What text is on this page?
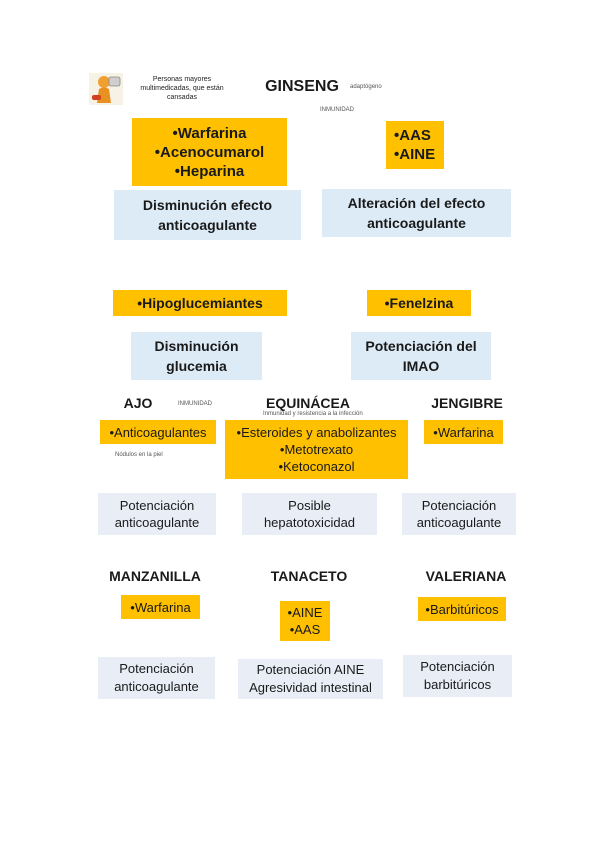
Personas mayores
multimedicadas, que están
cansadas
GINSENG	adaptógeno
INMUNIDAD
•Warfarina
•Acenocumarol
•Heparina
•AAS
•AINE
Disminución efecto
anticoagulante
Alteración del efecto
anticoagulante
•Hipoglucemiantes	•Fenelzina
Disminución
glucemia
Potenciación del
IMAO
AJO	INMUNIDAD	EQUINÁCEA
Inmunidad y resistencia a la infección
JENGIBRE
•Anticoagulantes
Nódulos en la piel
•Esteroides y anabolizantes
•Metotrexato
•Ketoconazol
•Warfarina
Potenciación
anticoagulante
Posible
hepatotoxicidad
Potenciación
anticoagulante
MANZANILLA	TANACETO	VALERIANA
•Warfarina	•AINE
•AAS
•Barbitúricos
Potenciación
anticoagulante
Potenciación AINE
Agresividad intestinal
Potenciación
barbitúricos
